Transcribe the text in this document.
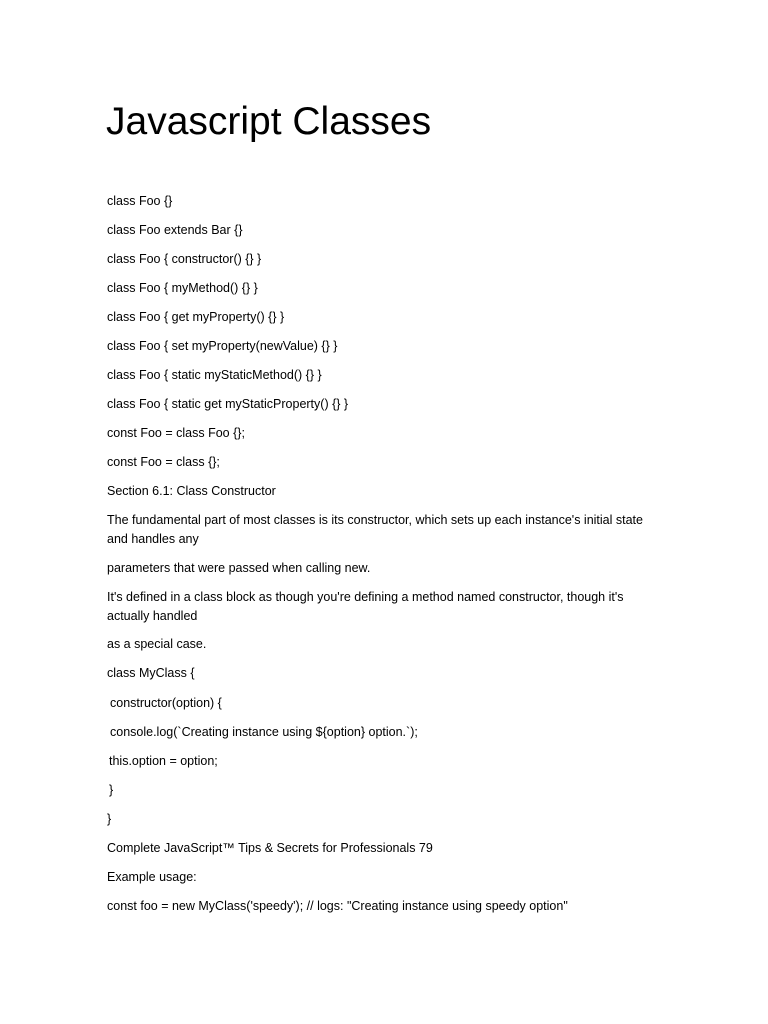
Javascript Classes

class Foo {}

class Foo extends Bar {}

class Foo { constructor() {} }

class Foo { myMethod() {} }

class Foo { get myProperty() {} }

class Foo { set myProperty(newValue) {} }

class Foo { static myStaticMethod() {} }

class Foo { static get myStaticProperty() {} }

const Foo = class Foo {};

const Foo = class {};

Section 6.1: Class Constructor

The fundamental part of most classes is its constructor, which sets up each instance's initial state and handles any

parameters that were passed when calling new.

It's defined in a class block as though you're defining a method named constructor, though it's actually handled

as a special case.

class MyClass {

constructor(option) {

console.log(`Creating instance using ${option} option.`);

this.option = option;

}

}

Complete JavaScript™ Tips & Secrets for Professionals 79

Example usage:

const foo = new MyClass('speedy'); // logs: "Creating instance using speedy option"
